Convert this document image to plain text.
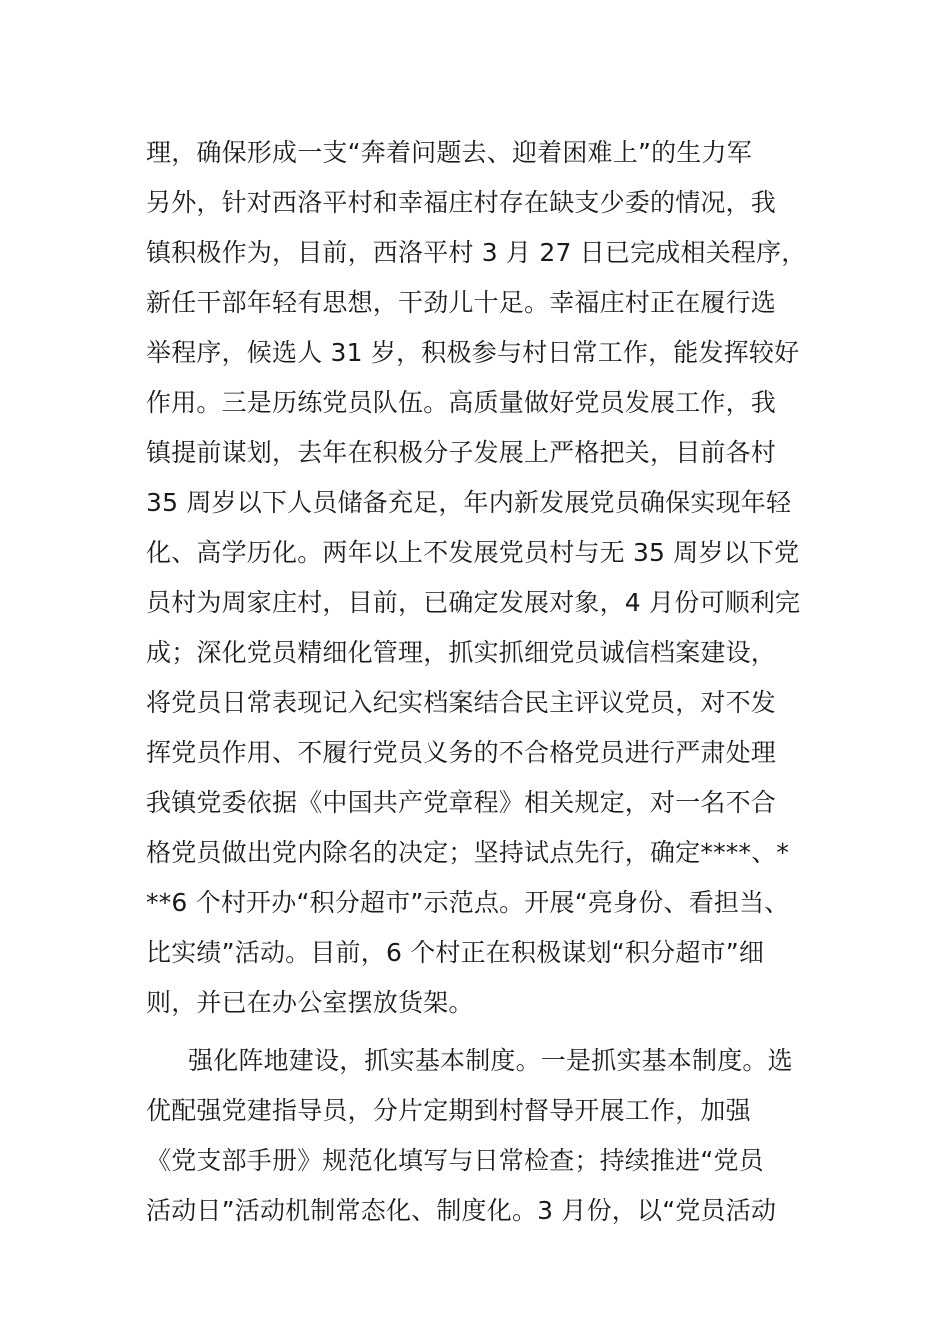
理，确保形成一支“奔着问题去、迎着困难上”的生力军
另外，针对西洛平村和幸福庄村存在缺支少委的情况，我
镇积极作为，目前，西洛平村 3 月 27 日已完成相关程序，
新任干部年轻有思想，干劲儿十足。幸福庄村正在履行选
举程序，候选人 31 岁，积极参与村日常工作，能发挥较好
作用。三是历练党员队伍。高质量做好党员发展工作，我
镇提前谋划，去年在积极分子发展上严格把关，目前各村
35 周岁以下人员储备充足，年内新发展党员确保实现年轻
化、高学历化。两年以上不发展党员村与无 35 周岁以下党
员村为周家庄村，目前，已确定发展对象，4 月份可顺利完
成；深化党员精细化管理，抓实抓细党员诚信档案建设，
将党员日常表现记入纪实档案结合民主评议党员，对不发
挥党员作用、不履行党员义务的不合格党员进行严肃处理
我镇党委依据《中国共产党章程》相关规定，对一名不合
格党员做出党内除名的决定；坚持试点先行，确定****、*
**6 个村开办“积分超市”示范点。开展“亮身份、看担当、
比实绩”活动。目前，6 个村正在积极谋划“积分超市”细
则，并已在办公室摆放货架。
强化阵地建设，抓实基本制度。一是抓实基本制度。选
优配强党建指导员，分片定期到村督导开展工作，加强
《党支部手册》规范化填写与日常检查；持续推进“党员
活动日”活动机制常态化、制度化。3 月份，以“党员活动
